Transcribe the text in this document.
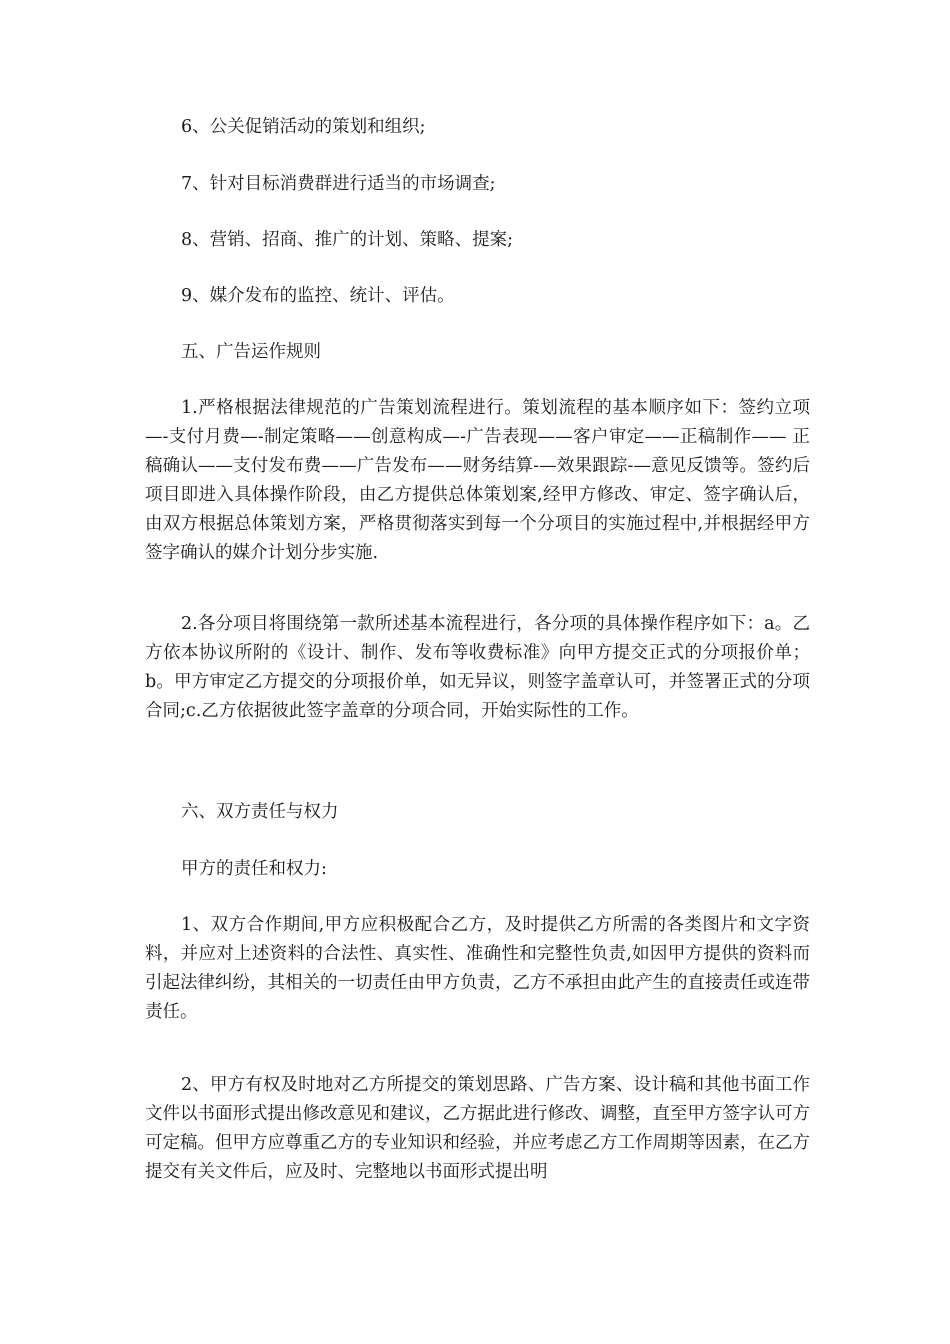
6、公关促销活动的策划和组织;

7、针对目标消费群进行适当的市场调查;

8、营销、招商、推广的计划、策略、提案;

9、媒介发布的监控、统计、评估。

五、广告运作规则

1.严格根据法律规范的广告策划流程进行。策划流程的基本顺序如下：签约立项—-支付月费—-制定策略——创意构成—-广告表现——客户审定——正稿制作—— 正稿确认——支付发布费——广告发布——财务结算-—效果跟踪-—意见反馈等。签约后项目即进入具体操作阶段，由乙方提供总体策划案,经甲方修改、审定、签字确认后，由双方根据总体策划方案，严格贯彻落实到每一个分项目的实施过程中,并根据经甲方签字确认的媒介计划分步实施.

2.各分项目将围绕第一款所述基本流程进行，各分项的具体操作程序如下：a。乙方依本协议所附的《设计、制作、发布等收费标准》向甲方提交正式的分项报价单；b。甲方审定乙方提交的分项报价单，如无异议，则签字盖章认可，并签署正式的分项合同;c.乙方依据彼此签字盖章的分项合同，开始实际性的工作。

六、双方责任与权力

甲方的责任和权力:

1、双方合作期间,甲方应积极配合乙方，及时提供乙方所需的各类图片和文字资料，并应对上述资料的合法性、真实性、准确性和完整性负责,如因甲方提供的资料而引起法律纠纷，其相关的一切责任由甲方负责，乙方不承担由此产生的直接责任或连带责任。

2、甲方有权及时地对乙方所提交的策划思路、广告方案、设计稿和其他书面工作文件以书面形式提出修改意见和建议，乙方据此进行修改、调整，直至甲方签字认可方可定稿。但甲方应尊重乙方的专业知识和经验，并应考虑乙方工作周期等因素，在乙方提交有关文件后，应及时、完整地以书面形式提出明
